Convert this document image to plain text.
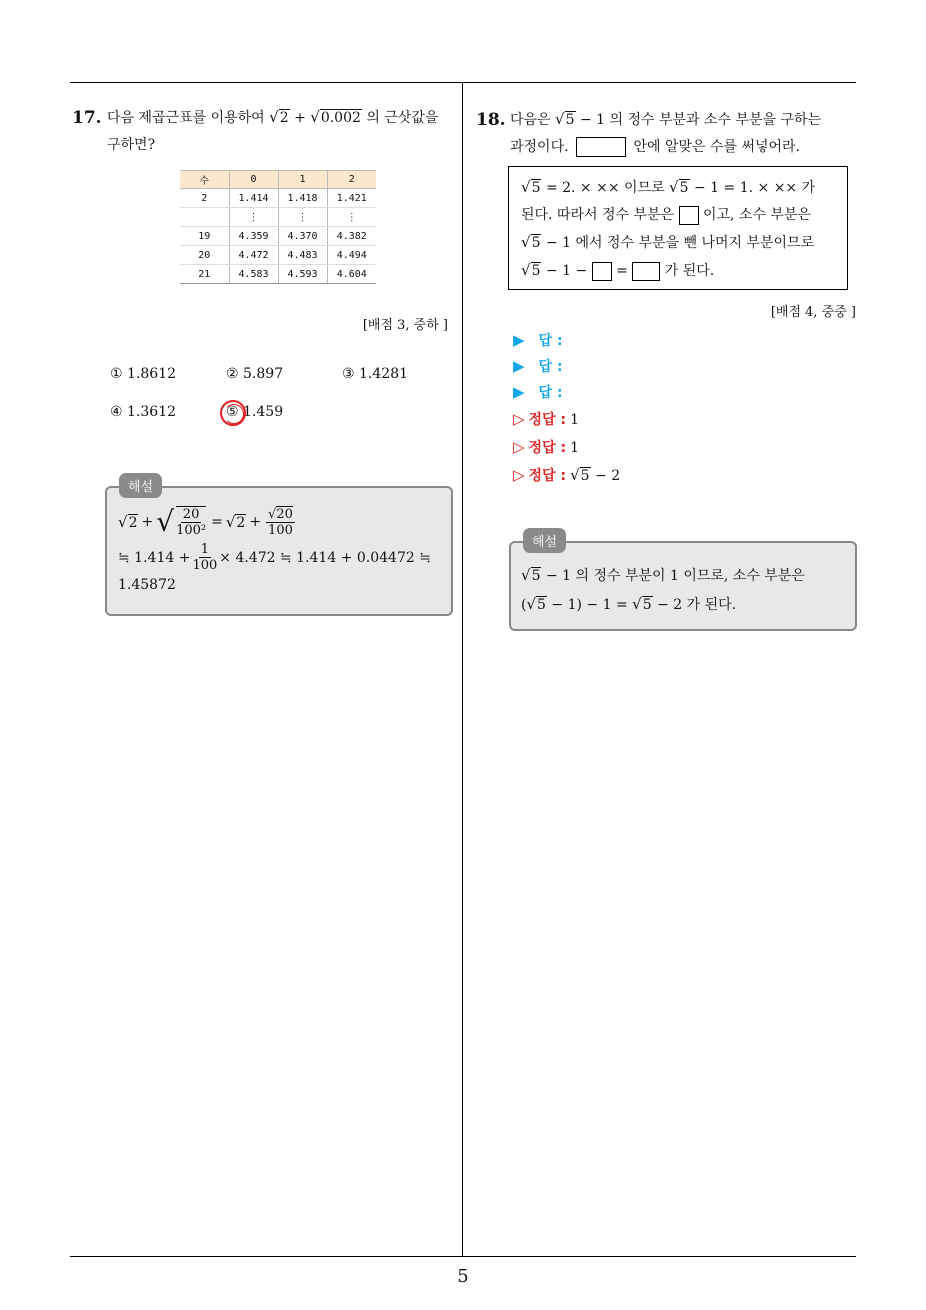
17. 다음 제곱근표를 이용하여 √2 + √0.002 의 근삿값을
구하면?
수	0	1	2
2	1.414	1.418	1.421
	⋮	⋮	⋮
19	4.359	4.370	4.382
20	4.472	4.483	4.494
21	4.583	4.593	4.604
[배점 3, 중하 ]
① 1.8612	② 5.897	③ 1.4281
④ 1.3612	⑤ 1.459
해설
√2 + √ $\frac{20}{\text{100²}} = √2 + \frac{√20}{100}$
≒ $1.414 + \frac{1}{100} \times 4.472$ ≒ 1.414 + 0.04472 ≒
1.45872
18. 다음은 √5 − 1 의 정수 부분과 소수 부분을 구하는
과정이다.	안에 알맞은 수를 써넣어라.
√5 = 2. × ×× 이므로 √5 − 1 = 1. × ×× 가
된다. 따라서 정수 부분은 이고, 소수 부분은
√5 − 1 에서 정수 부분을 뺀 나머지 부분이므로
√5 − 1 − =	가 된다.
[배점 4, 중중 ]
▶ 답 :
▶ 답 :
▶ 답 :
▷ 정답 : 1
▷ 정답 : 1
▷ 정답 : √5 − 2
해설
√5 − 1 의 정수 부분이 1 이므로, 소수 부분은
(√5 − 1) − 1 = √5 − 2 가 된다.
5
